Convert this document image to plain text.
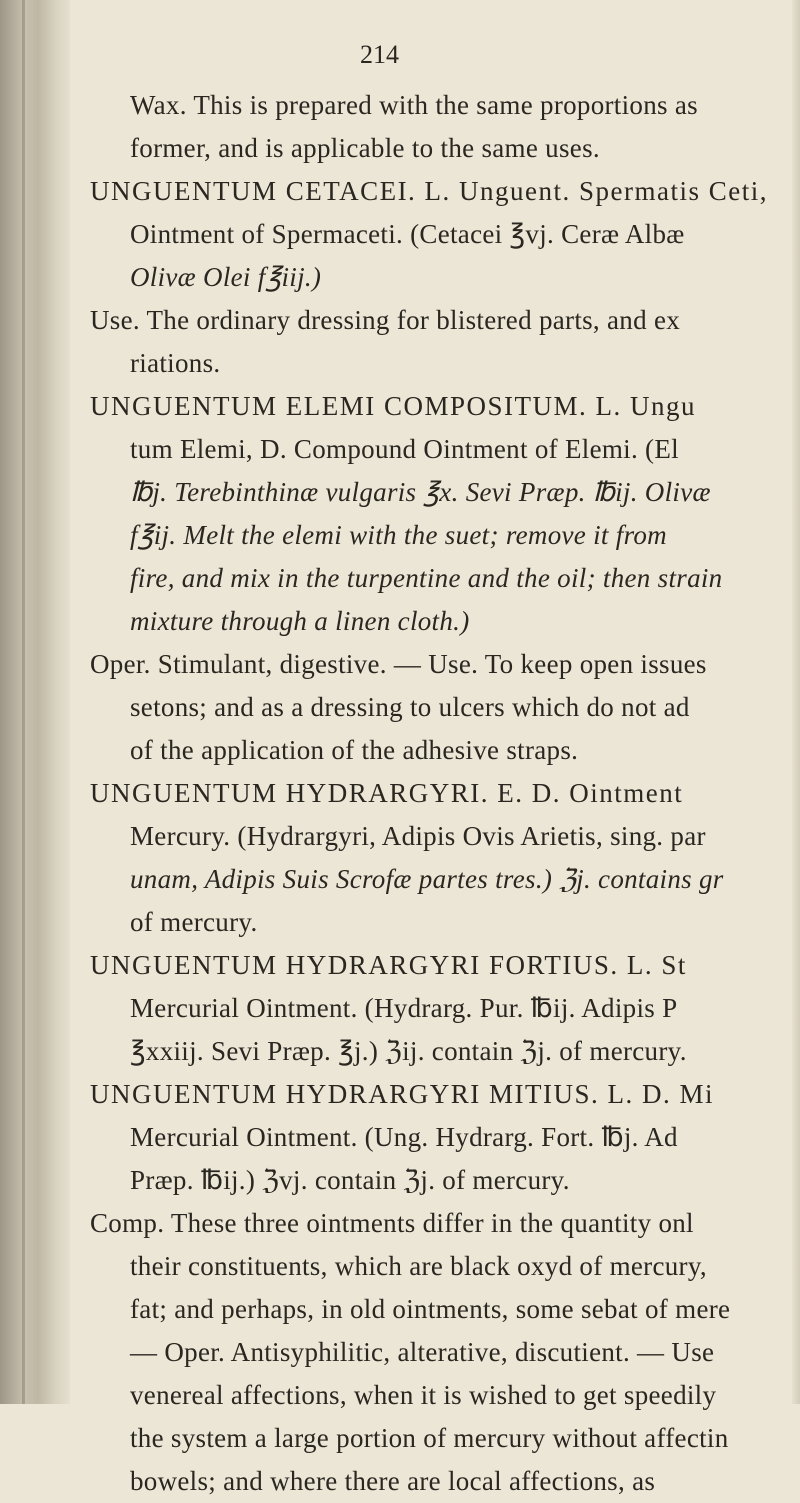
214
Wax. This is prepared with the same proportions as
former, and is applicable to the same uses.
UNGUENTUM CETACEI. L. Unguent. Spermatis Ceti,
Ointment of Spermaceti. (Cetacei ℥vj. Ceræ Albæ
Olivæ Olei f℥iij.)
Use. The ordinary dressing for blistered parts, and ex
riations.
UNGUENTUM ELEMI COMPOSITUM. L. Ungu
tum Elemi, D. Compound Ointment of Elemi. (El
℔j. Terebinthinæ vulgaris ℥x. Sevi Præp. ℔ij. Olivæ
f℥ij. Melt the elemi with the suet; remove it from
fire, and mix in the turpentine and the oil; then strain
mixture through a linen cloth.)
Oper. Stimulant, digestive. — Use. To keep open issues
setons; and as a dressing to ulcers which do not ad
of the application of the adhesive straps.
UNGUENTUM HYDRARGYRI. E. D. Ointment
Mercury. (Hydrargyri, Adipis Ovis Arietis, sing. par
unam, Adipis Suis Scrofæ partes tres.) ℨj. contains gr
of mercury.
UNGUENTUM HYDRARGYRI FORTIUS. L. St
Mercurial Ointment. (Hydrarg. Pur. ℔ij. Adipis P
℥xxiij. Sevi Præp. ℥j.) ℨij. contain ℨj. of mercury.
UNGUENTUM HYDRARGYRI MITIUS. L. D. Mi
Mercurial Ointment. (Ung. Hydrarg. Fort. ℔j. Ad
Præp. ℔ij.) ℨvj. contain ℨj. of mercury.
Comp. These three ointments differ in the quantity onl
their constituents, which are black oxyd of mercury,
fat; and perhaps, in old ointments, some sebat of mere
— Oper. Antisyphilitic, alterative, discutient. — Use
venereal affections, when it is wished to get speedily
the system a large portion of mercury without affectin
bowels; and where there are local affections, as
